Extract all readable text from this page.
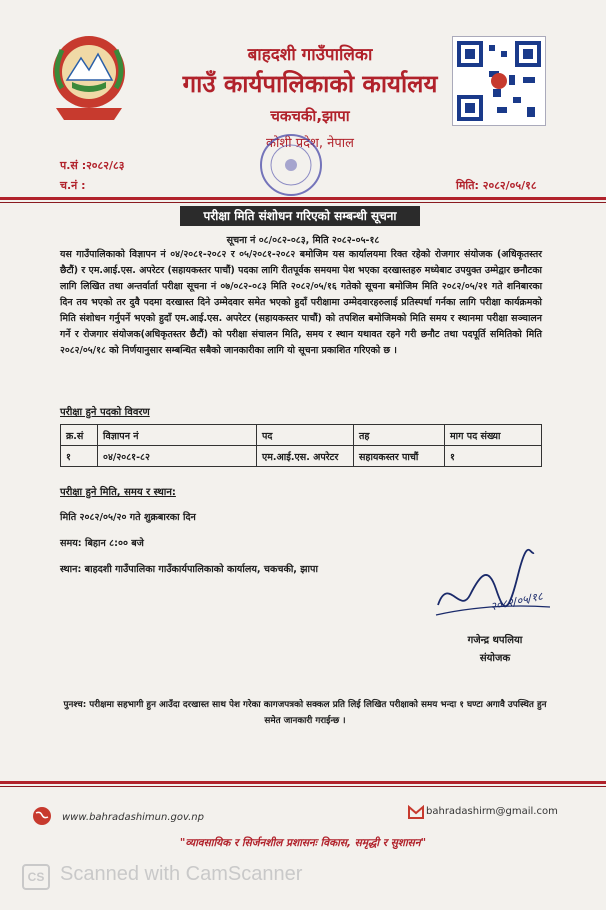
बाहदशी गाउँपालिका
गाउँ कार्यपालिकाको कार्यालय
चकचकी,झापा
कोशी प्रदेश, नेपाल
प.सं :२०८२/८३
च.नं :	मिति: २०८२/०५/१८
परीक्षा मिति संशोधन गरिएको सम्बन्धी सूचना
सूचना नं ०८/०८२-०८३, मिति २०८२-०५-१८
यस गाउँपालिकाको विज्ञापन नं ०४/२०८१-२०८२ र ०५/२०८१-२०८२ बमोजिम यस कार्यालयमा रिक्त रहेको रोजगार संयोजक (अधिकृतस्तर छैटौं) र एम.आई.एस. अपरेटर (सहायकस्तर पाचौं) पदका लागि रीतपूर्वक समयमा पेश भएका दरखास्तहरु मध्येबाट उपयुक्त उम्मेद्वार छनौटका लागि लिखित तथा अन्तर्वार्ता परीक्षा सूचना नं ०७/०८२-०८३ मिति २०८२/०५/१६ गतेको सूचना बमोजिम मिति २०८२/०५/२१ गते शनिबारका दिन तय भएको तर दुवै पदमा दरखास्त दिने उम्मेदवार समेत भएको हुदाँ परीक्षामा उम्मेदवारहरुलाई प्रतिस्पर्धा गर्नका लागि परीक्षा कार्यक्रमको मिति संशोधन गर्नुपर्ने भएको हुदाँ एम.आई.एस. अपरेटर (सहायकस्तर पाचौं) को तपशिल बमोजिमको मिति समय र स्थानमा परीक्षा सञ्चालन गर्ने र रोजगार संयोजक(अधिकृतस्तर छैटौं) को परीक्षा संचालन मिति, समय र स्थान यथावत रहने गरी छनौट तथा पदपूर्ति समितिको मिति २०८२/०५/१८ को निर्णयानुसार सम्बन्धित सबैको जानकारीका लागि यो सूचना प्रकाशित गरिएको छ ।
परीक्षा हुने पदको विवरण
क्र.सं	विज्ञापन नं	पद	तह	माग पद संख्या
१	०४/२०८१-८२	एम.आई.एस. अपरेटर	सहायकस्तर पाचौं	१
परीक्षा हुने मिति, समय र स्थान:
मिति २०८२/०५/२० गते शुक्रबारका दिन
समय: बिहान ८:०० बजे
स्थान: बाहदशी गाउँपालिका गाउँकार्यपालिकाको कार्यालय, चकचकी, झापा
२०८२/०५/१८
गजेन्द्र थपलिया
संयोजक
पुनश्च: परीक्षमा सहभागी हुन आउँदा दरखास्त साथ पेश गरेका कागजपत्रको सक्कल प्रति लिई लिखित परीक्षाको समय भन्दा १ घण्टा अगावै उपस्थित हुन समेत जानकारी गराईन्छ ।
www.bahradashimun.gov.np
bahradashirm@gmail.com
"व्यावसायिक र सिर्जनशील प्रशासनः विकास, समृद्धी र सुशासन"
CS Scanned with CamScanner
